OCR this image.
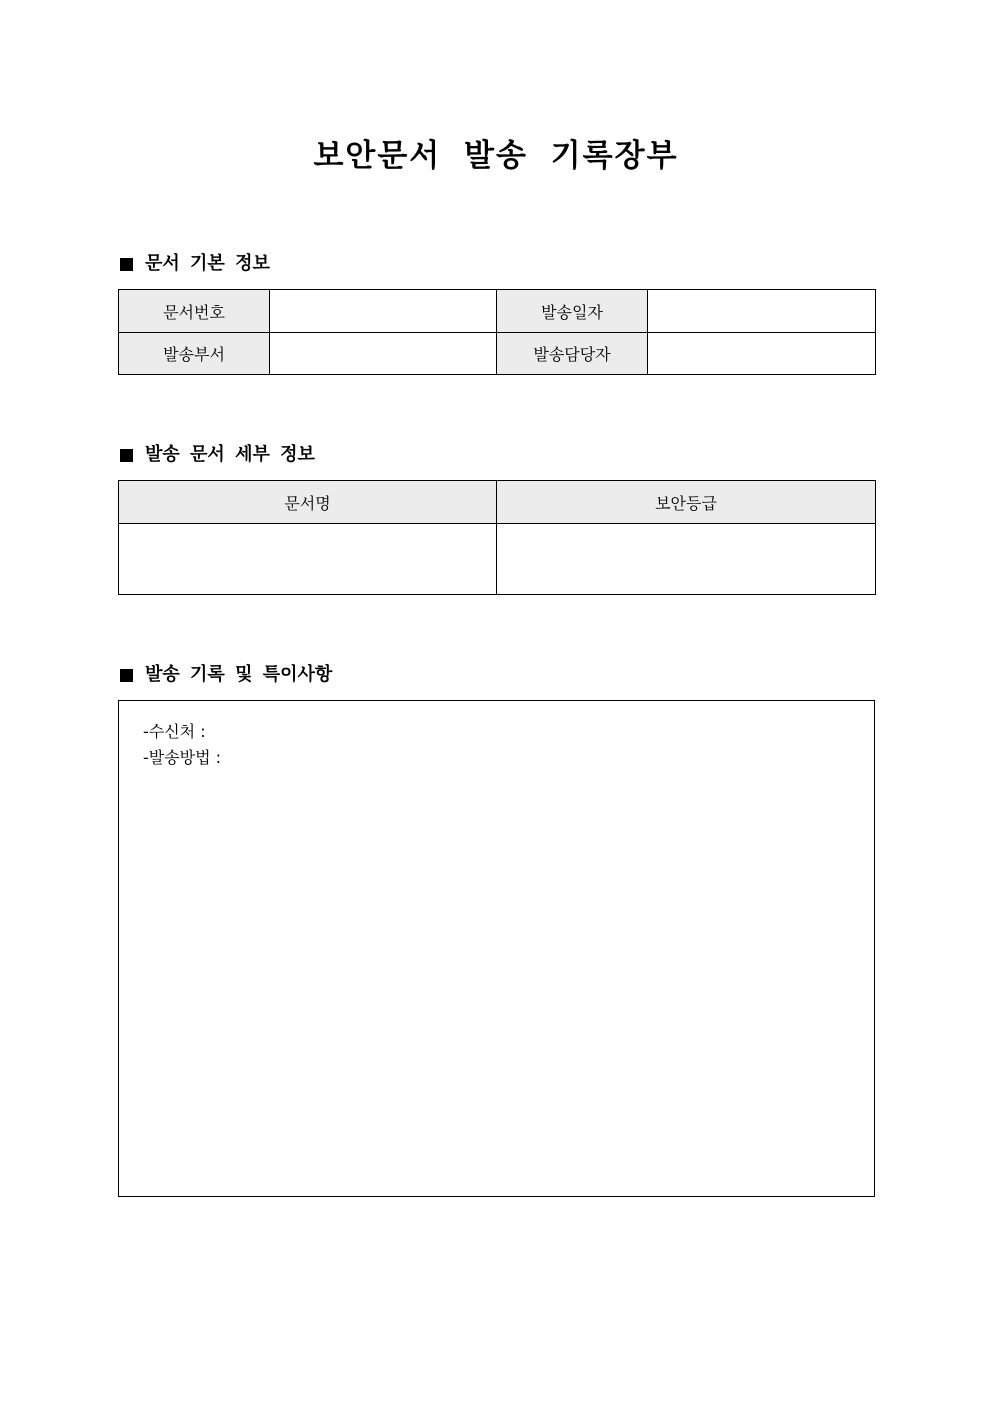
보안문서 발송 기록장부
문서 기본 정보
문서번호		발송일자	
발송부서		발송담당자	
발송 문서 세부 정보
문서명	보안등급

발송 기록 및 특이사항
-수신처 :
-발송방법 :
